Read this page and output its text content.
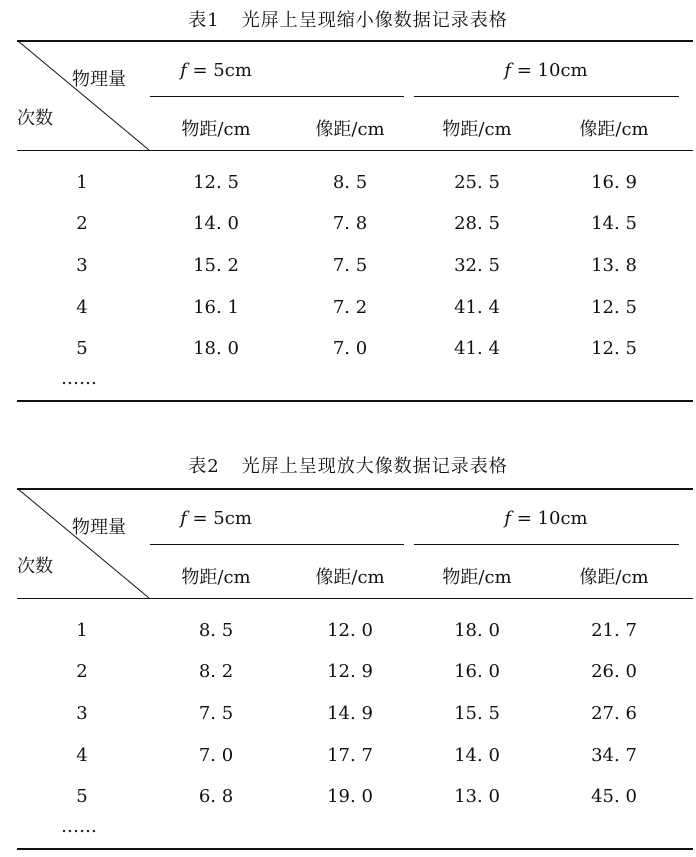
表1 光屏上呈现缩小像数据记录表格
物理量
次数
f = 5cm	f = 10cm
物距/cm	像距/cm	物距/cm	像距/cm
1	12. 5	8. 5	25. 5	16. 9
2	14. 0	7. 8	28. 5	14. 5
3	15. 2	7. 5	32. 5	13. 8
4	16. 1	7. 2	41. 4	12. 5
5	18. 0	7. 0	41. 4	12. 5
……
表2 光屏上呈现放大像数据记录表格
物理量
次数
f = 5cm	f = 10cm
物距/cm	像距/cm	物距/cm	像距/cm
1	8. 5	12. 0	18. 0	21. 7
2	8. 2	12. 9	16. 0	26. 0
3	7. 5	14. 9	15. 5	27. 6
4	7. 0	17. 7	14. 0	34. 7
5	6. 8	19. 0	13. 0	45. 0
……
